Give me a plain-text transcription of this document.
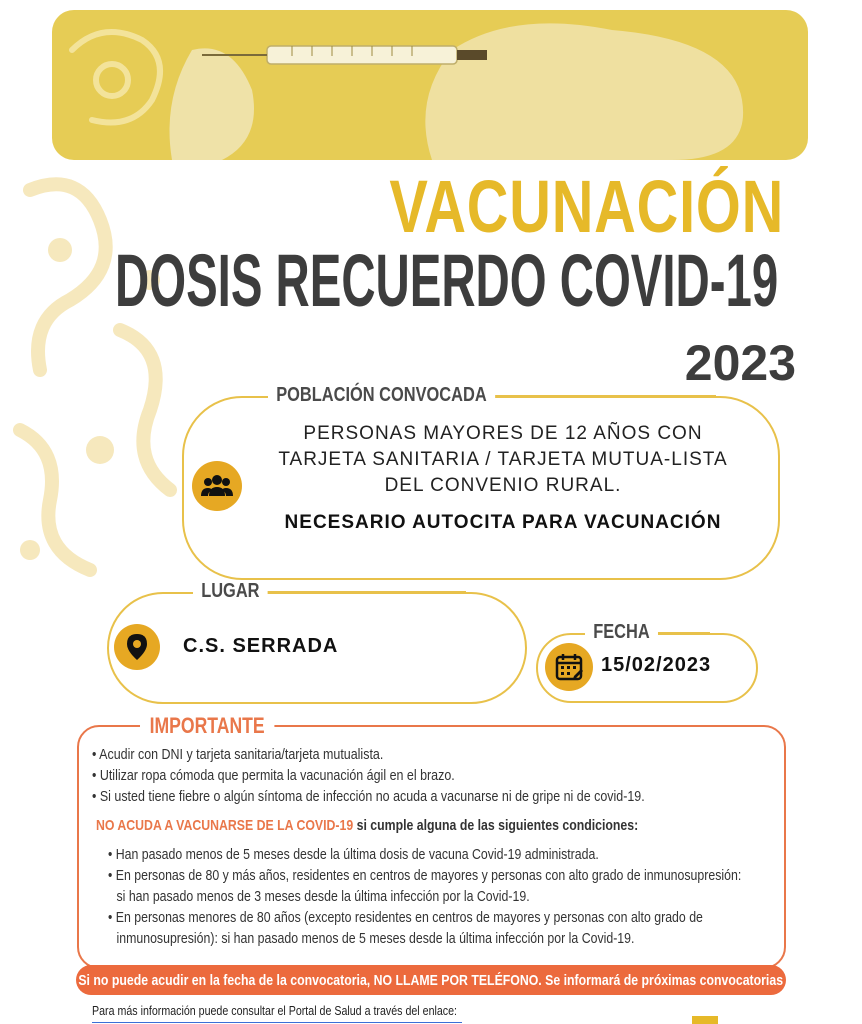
VACUNACIÓN
DOSIS RECUERDO COVID-19
2023
POBLACIÓN CONVOCADA
PERSONAS MAYORES DE 12 AÑOS CON TARJETA SANITARIA / TARJETA MUTUA-LISTA DEL CONVENIO RURAL.
NECESARIO AUTOCITA PARA VACUNACIÓN
LUGAR
C.S. SERRADA
FECHA
15/02/2023
IMPORTANTE
• Acudir con DNI y tarjeta sanitaria/tarjeta mutualista.
• Utilizar ropa cómoda que permita la vacunación ágil en el brazo.
• Si usted tiene fiebre o algún síntoma de infección no acuda a vacunarse ni de gripe ni de covid-19.
NO ACUDA A VACUNARSE DE LA COVID-19 si cumple alguna de las siguientes condiciones:
• Han pasado menos de 5 meses desde la última dosis de vacuna Covid-19 administrada.
• En personas de 80 y más años, residentes en centros de mayores y personas con alto grado de inmunosupresión:
si han pasado menos de 3 meses desde la última infección por la Covid-19.
• En personas menores de 80 años (excepto residentes en centros de mayores y personas con alto grado de
inmunosupresión): si han pasado menos de 5 meses desde la última infección por la Covid-19.
Si no puede acudir en la fecha de la convocatoria, NO LLAME POR TELÉFONO. Se informará de próximas convocatorias
Para más información puede consultar el Portal de Salud a través del enlace:
